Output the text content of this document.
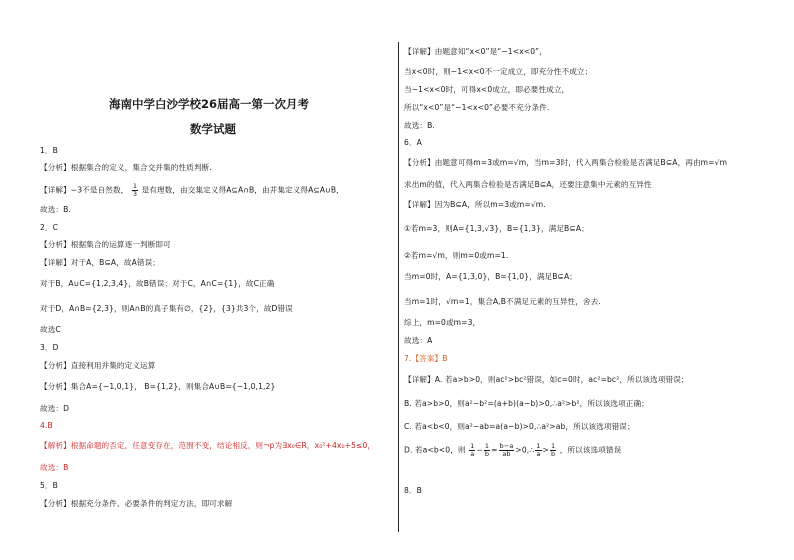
海南中学白沙学校26届高一第一次月考
数学试题
1．B
【分析】根据集合的定义，集合交并集的性质判断.
【详解】−3不是自然数， $\frac{1}{3}$ 是有理数，由交集定义得A⊆A∩B，由并集定义得A⊆A∪B，
故选：B.
2．C
【分析】根据集合的运算逐一判断即可
【详解】对于A，B⊆A，故A错误；
对于B，A∪C={1,2,3,4}，故B错误；对于C，A∩C={1}，故C正确
对于D，A∩B={2,3}，则A∩B的真子集有∅，{2}，{3}共3个，故D错误
故选C
3．D
【分析】直接利用并集的定义运算
【分析】集合A={−1,0,1}， B={1,2}，则集合A∪B={−1,0,1,2}
故选：D
4.B
【解析】根据命题的否定，任意变存在，范围不变，结论相反，则¬p为∃x₀∈R，x₀²+4x₀+5≤0，
故选：B
5．B
【分析】根据充分条件、必要条件的判定方法，即可求解
【详解】由题意知“x<0”是“−1<x<0”，
当x<0时，则−1<x<0不一定成立，即充分性不成立；
当−1<x<0时，可得x<0成立，即必要性成立，
所以“x<0”是“−1<x<0”必要不充分条件.
故选：B.
6．A
【分析】由题意可得m=3或m=√m，当m=3时，代入两集合检验是否满足B⊆A，再由m=√m
求出m的值，代入两集合检验是否满足B⊆A，还要注意集中元素的互异性
【详解】因为B⊆A，所以m=3或m=√m.
①若m=3，则A={1,3,√3}，B={1,3}，满足B⊆A；
②若m=√m，则m=0或m=1.
当m=0时，A={1,3,0}，B={1,0}，满足B⊆A；
当m=1时，√m=1，集合A,B不满足元素的互异性，舍去.
综上，m=0或m=3，
故选：A
7.【答案】B
【详解】A. 若a>b>0，则ac²>bc²错误，如c=0时，ac²=bc²，所以该选项错误；
B. 若a>b>0，则a²−b²=(a+b)(a−b)>0,∴a²>b²，所以该选项正确；
C. 若a<b<0，则a²−ab=a(a−b)>0,∴a²>ab，所以该选项错误；
D. 若a<b<0，则 $\frac{1}{a} - \frac{1}{b} = \frac{b-a}{ab}$ >0,∴ $\frac{1}{a} > \frac{1}{b}$ ，所以该选项错误
8．B
